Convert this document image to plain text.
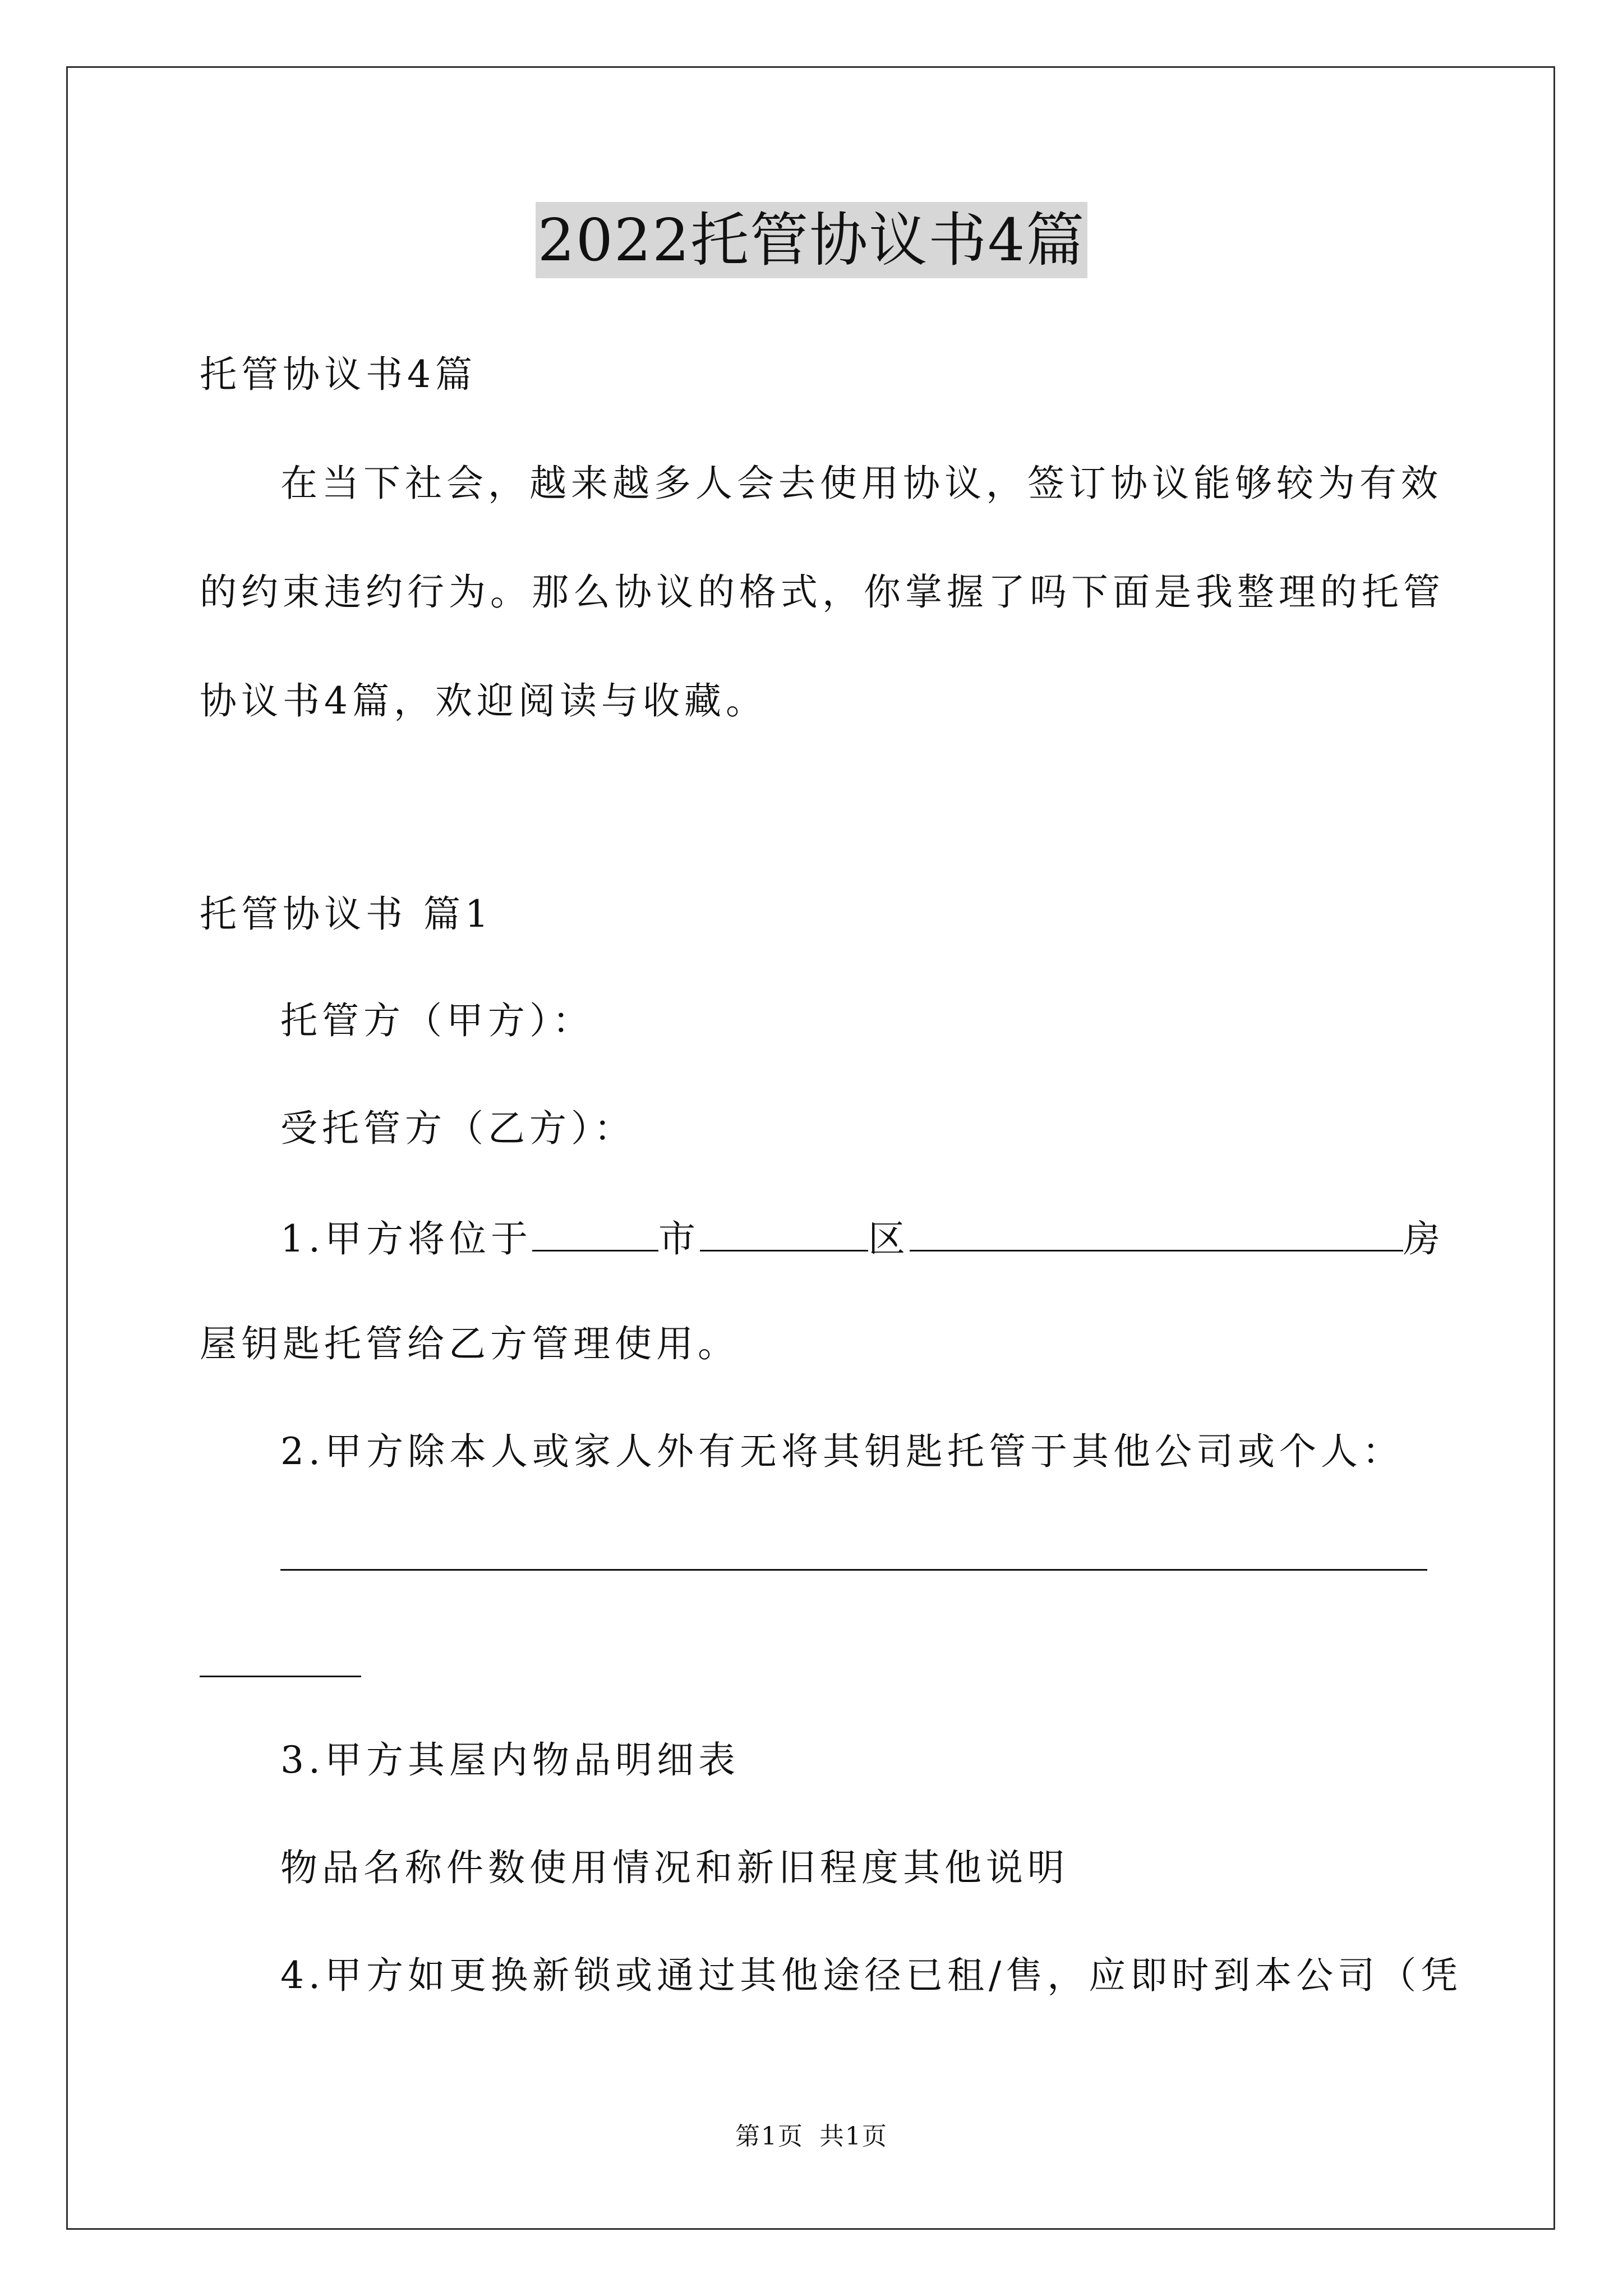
2022托管协议书4篇
托管协议书4篇
在当下社会，越来越多人会去使用协议，签订协议能够较为有效
的约束违约行为。那么协议的格式，你掌握了吗下面是我整理的托管
协议书4篇，欢迎阅读与收藏。
托管协议书 篇1
托管方（甲方）：
受托管方（乙方）：
1.甲方将位于	市	区	房
屋钥匙托管给乙方管理使用。
2.甲方除本人或家人外有无将其钥匙托管于其他公司或个人：
3.甲方其屋内物品明细表
物品名称件数使用情况和新旧程度其他说明
4.甲方如更换新锁或通过其他途径已租/售，应即时到本公司（凭
第1页 共1页
